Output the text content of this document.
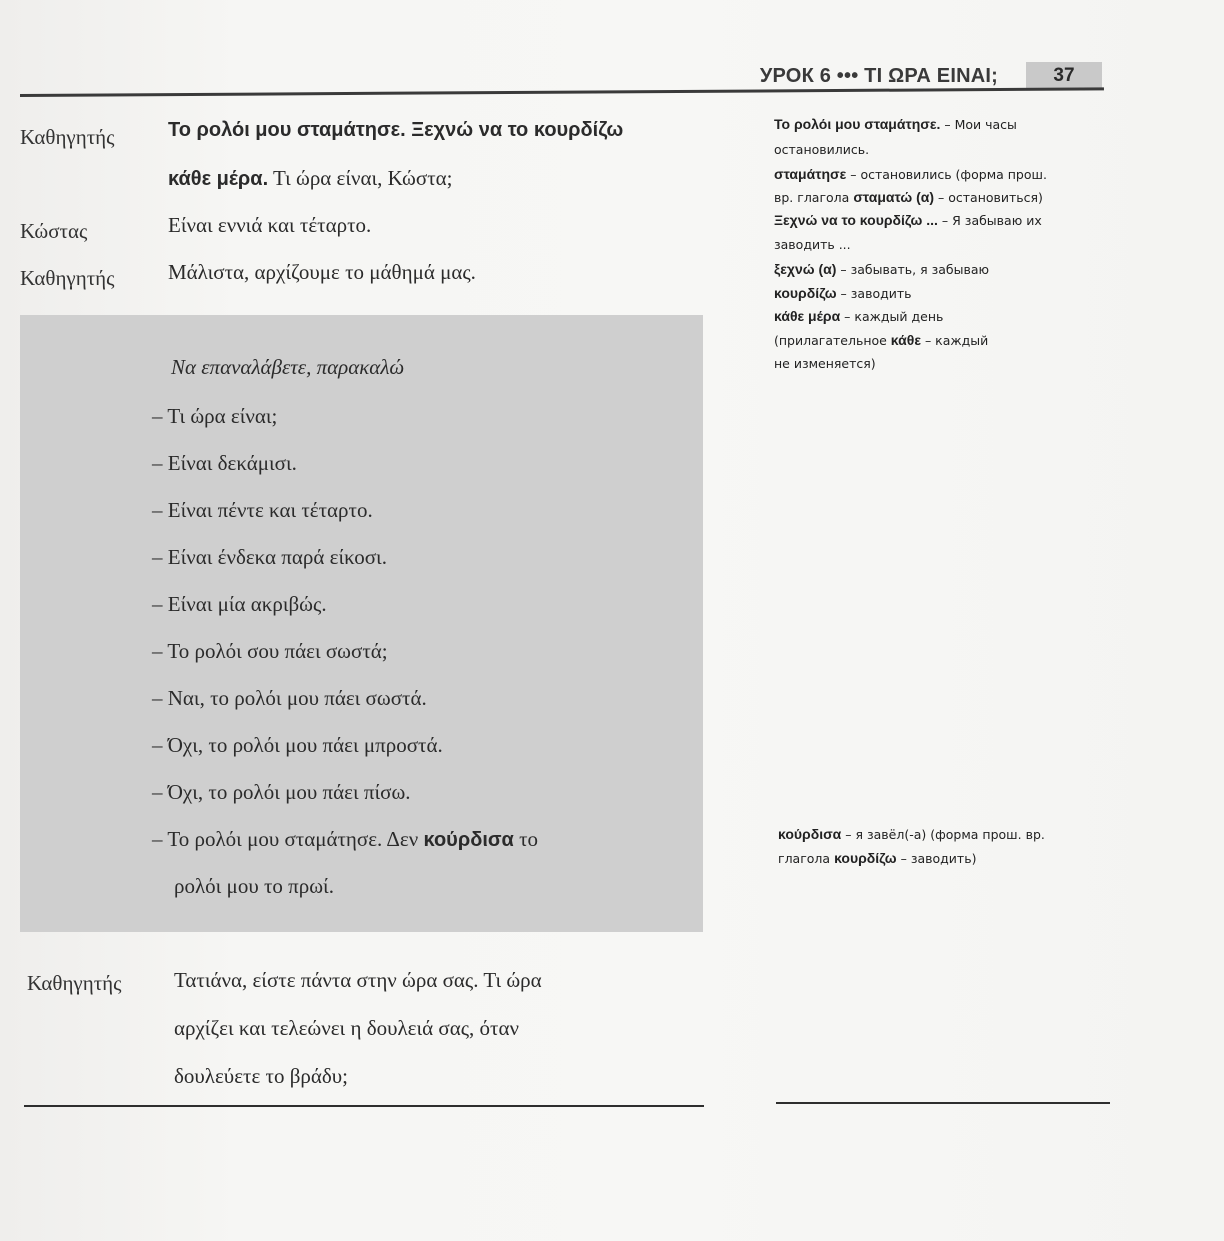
УРОК 6 ••• ΤΙ ΩΡΑ ΕΙΝΑΙ;	37
Καθηγητής	Το ρολόι μου σταμάτησε. Ξεχνώ να το κουρδίζω
κάθε μέρα. Τι ώρα είναι, Κώστα;
Κώστας	Είναι εννιά και τέταρτο.
Καθηγητής	Μάλιστα, αρχίζουμε το μάθημά μας.
Να επαναλάβετε, παρακαλώ
– Τι ώρα είναι;
– Είναι δεκάμισι.
– Είναι πέντε και τέταρτο.
– Είναι ένδεκα παρά είκοσι.
– Είναι μία ακριβώς.
– Το ρολόι σου πάει σωστά;
– Ναι, το ρολόι μου πάει σωστά.
– Όχι, το ρολόι μου πάει μπροστά.
– Όχι, το ρολόι μου πάει πίσω.
– Το ρολόι μου σταμάτησε. Δεν κούρδισα το
ρολόι μου το πρωί.
Καθηγητής	Τατιάνα, είστε πάντα στην ώρα σας. Τι ώρα
αρχίζει και τελεώνει η δουλειά σας, όταν
δουλεύετε το βράδυ;
Το ρολόι μου σταμάτησε. – Мои часы
остановились.
σταμάτησε – остановились (форма прош.
вр. глагола σταματώ (α) – остановиться)
Ξεχνώ να το κουρδίζω ... – Я забываю их
заводить ...
ξεχνώ (α) – забывать, я забываю
κουρδίζω – заводить
κάθε μέρα – каждый день
(прилагательное κάθε – каждый
не изменяется)
κούρδισα – я завёл(-а) (форма прош. вр.
глагола κουρδίζω – заводить)
